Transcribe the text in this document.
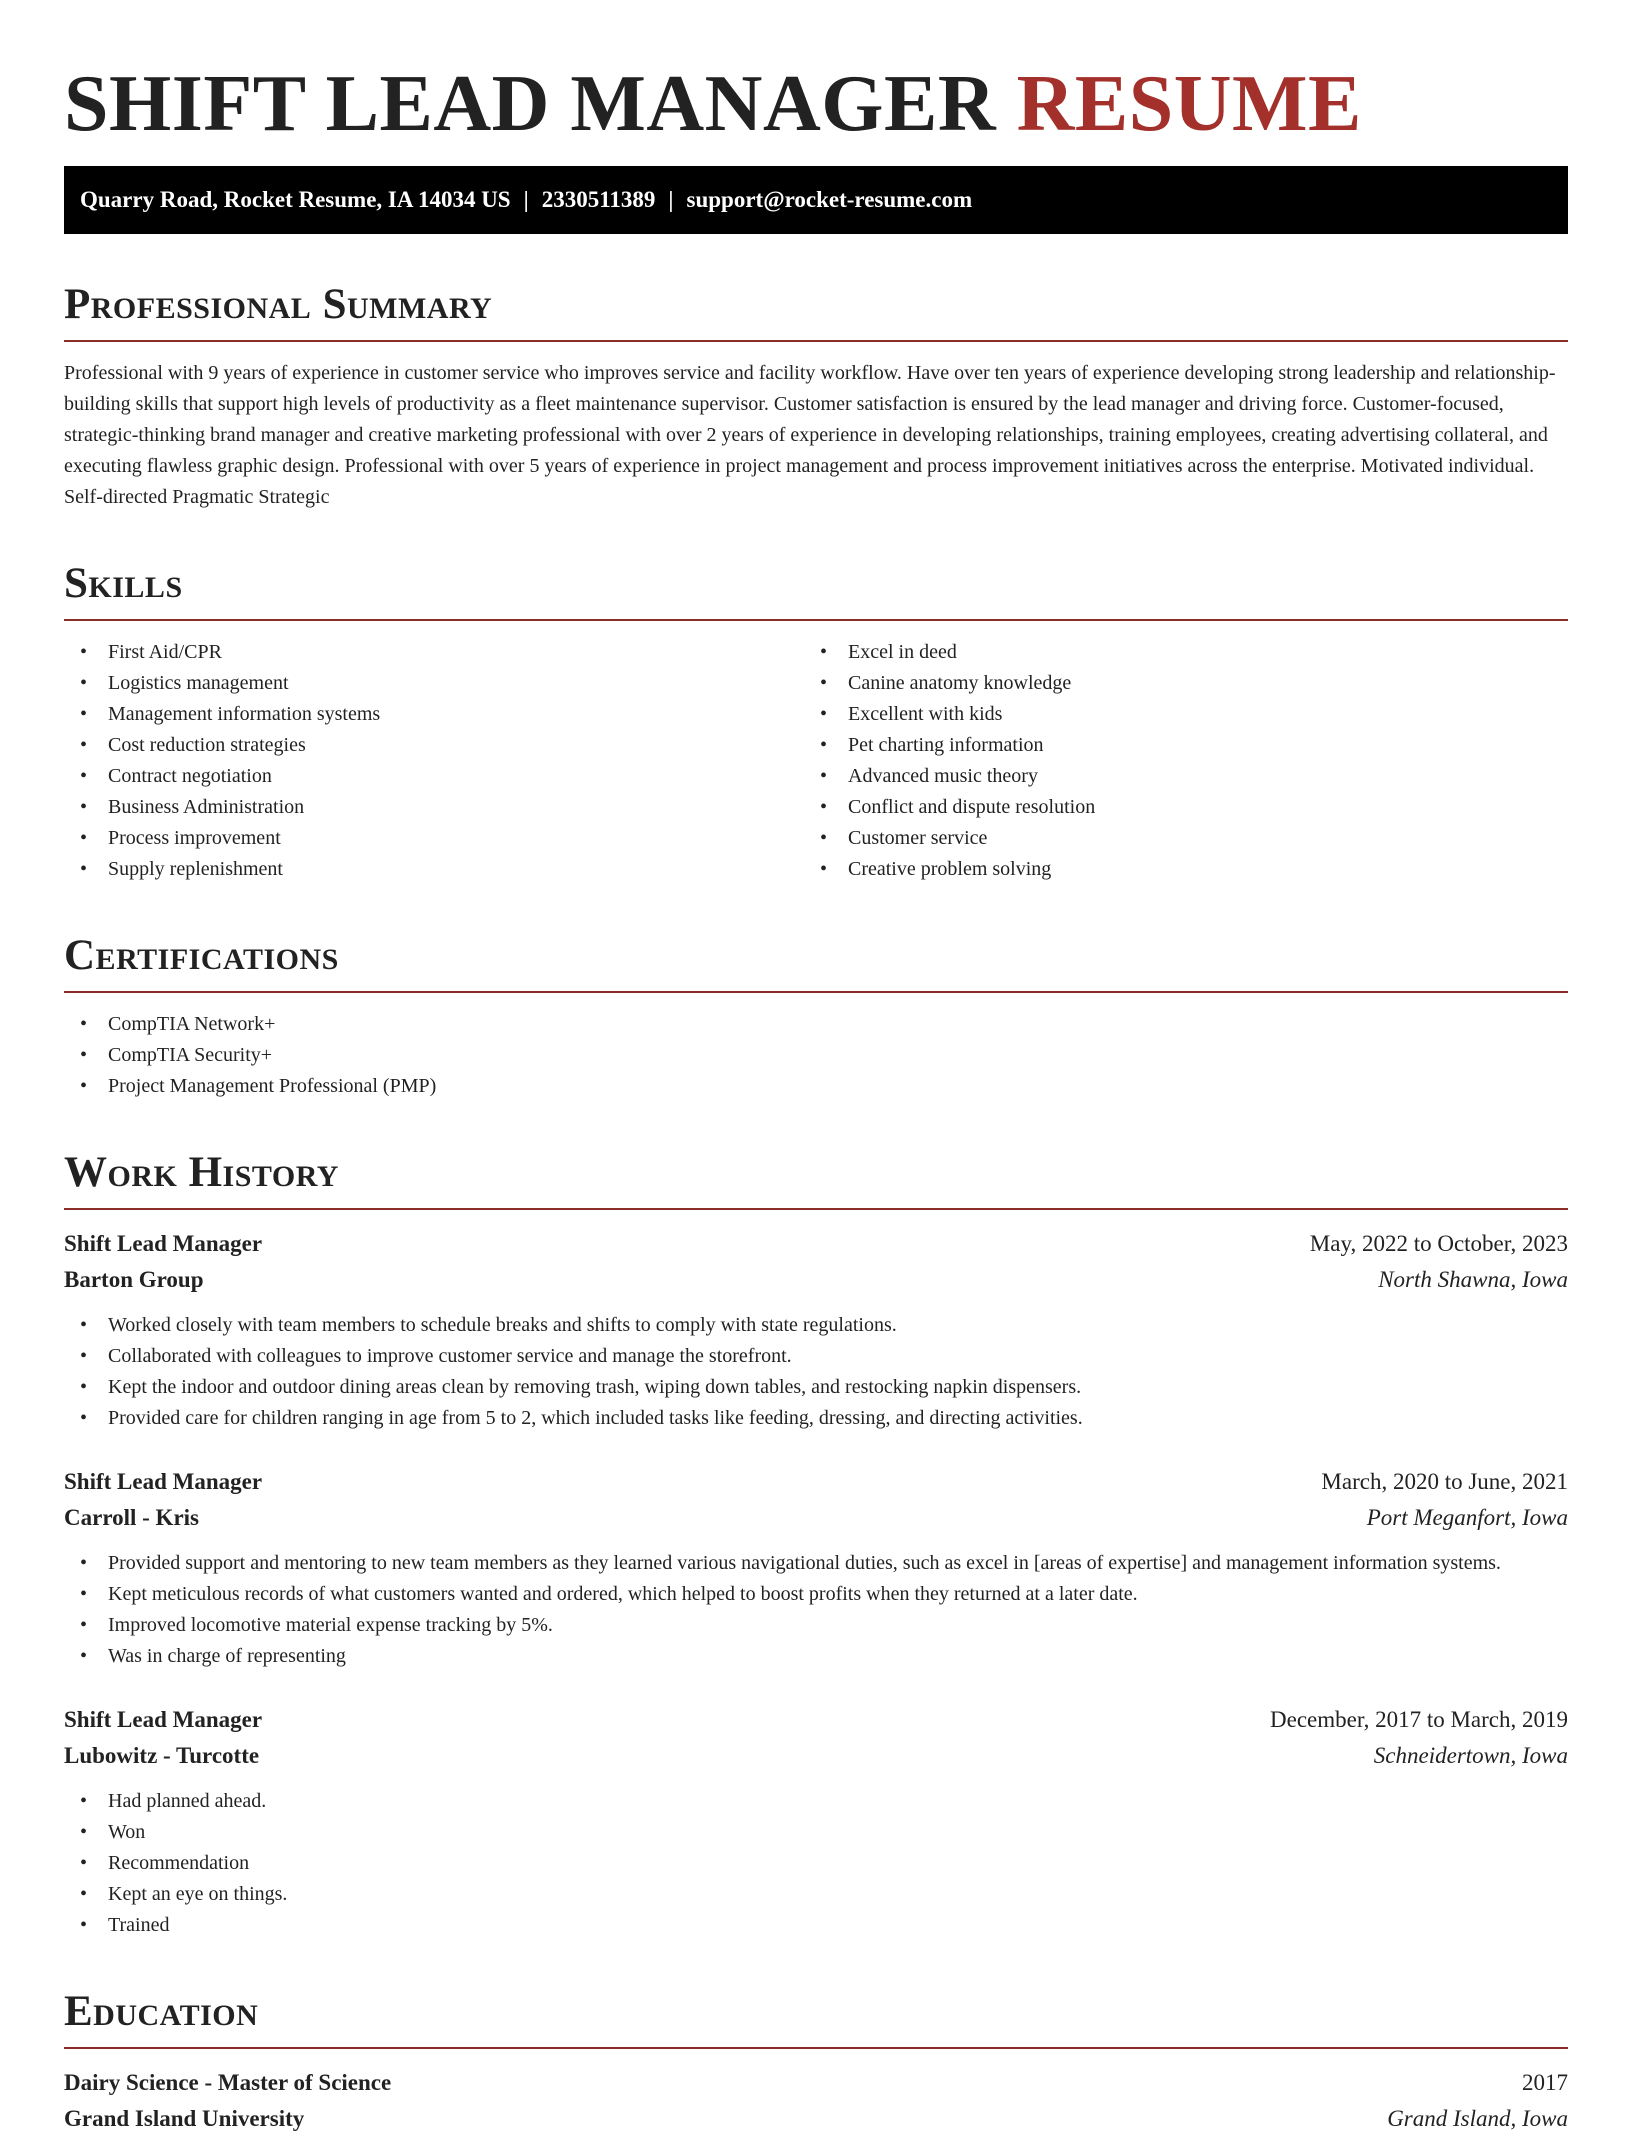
SHIFT LEAD MANAGER RESUME
Quarry Road, Rocket Resume, IA 14034 US | 2330511389 | support@rocket-resume.com
Professional Summary

Professional with 9 years of experience in customer service who improves service and facility workflow. Have over ten years of experience developing strong leadership and relationship-building skills that support high levels of productivity as a fleet maintenance supervisor. Customer satisfaction is ensured by the lead manager and driving force. Customer-focused, strategic-thinking brand manager and creative marketing professional with over 2 years of experience in developing relationships, training employees, creating advertising collateral, and executing flawless graphic design. Professional with over 5 years of experience in project management and process improvement initiatives across the enterprise. Motivated individual. Self-directed Pragmatic Strategic

Skills
• First Aid/CPR
• Logistics management
• Management information systems
• Cost reduction strategies
• Contract negotiation
• Business Administration
• Process improvement
• Supply replenishment
• Excel in deed
• Canine anatomy knowledge
• Excellent with kids
• Pet charting information
• Advanced music theory
• Conflict and dispute resolution
• Customer service
• Creative problem solving
Certifications
• CompTIA Network+
• CompTIA Security+
• Project Management Professional (PMP)
Work History
Shift Lead Manager	May, 2022 to October, 2023
Barton Group	North Shawna, Iowa
• Worked closely with team members to schedule breaks and shifts to comply with state regulations.
• Collaborated with colleagues to improve customer service and manage the storefront.
• Kept the indoor and outdoor dining areas clean by removing trash, wiping down tables, and restocking napkin dispensers.
• Provided care for children ranging in age from 5 to 2, which included tasks like feeding, dressing, and directing activities.
Shift Lead Manager	March, 2020 to June, 2021
Carroll - Kris	Port Meganfort, Iowa
• Provided support and mentoring to new team members as they learned various navigational duties, such as excel in [areas of expertise] and management information systems.
• Kept meticulous records of what customers wanted and ordered, which helped to boost profits when they returned at a later date.
• Improved locomotive material expense tracking by 5%.
• Was in charge of representing
Shift Lead Manager	December, 2017 to March, 2019
Lubowitz - Turcotte	Schneidertown, Iowa
• Had planned ahead.
• Won
• Recommendation
• Kept an eye on things.
• Trained
Education
Dairy Science - Master of Science	2017
Grand Island University	Grand Island, Iowa
